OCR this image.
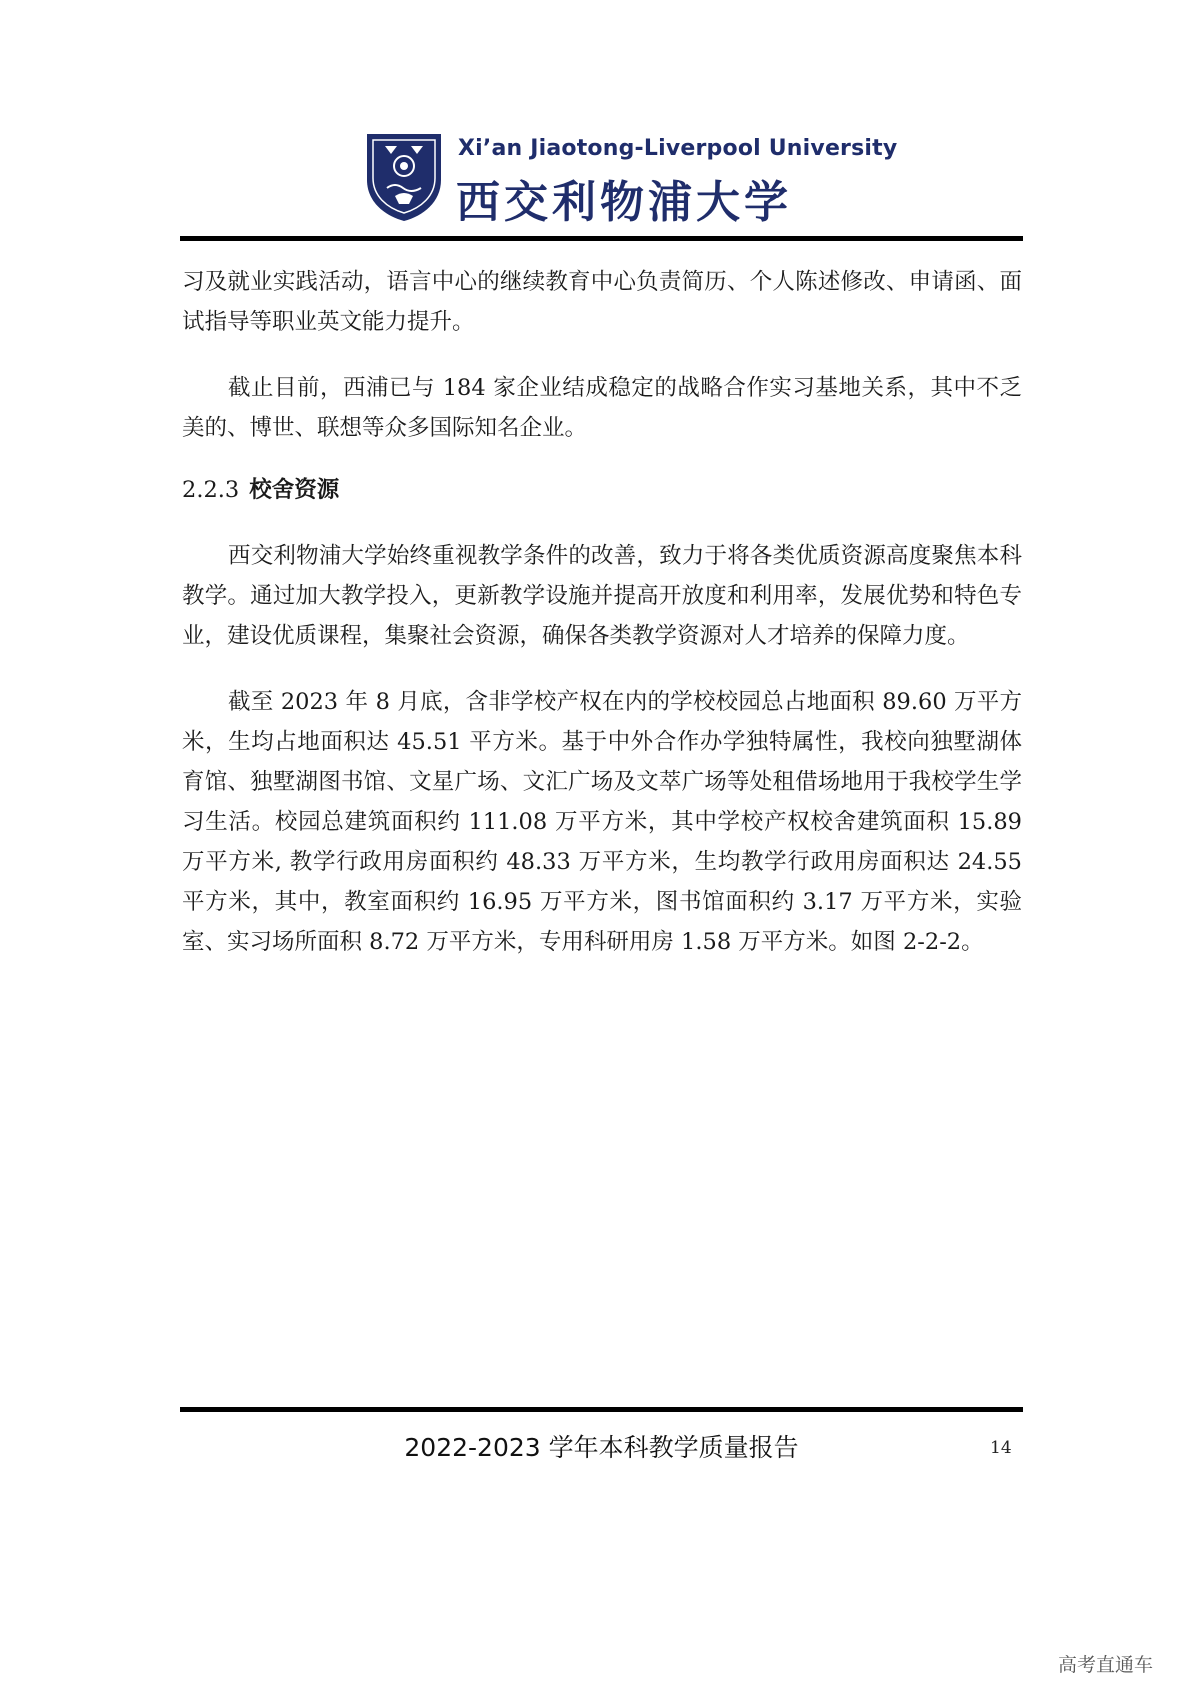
Xi’an Jiaotong-Liverpool University
西交利物浦大学

习及就业实践活动，语言中心的继续教育中心负责简历、个人陈述修改、申请函、面试指导等职业英文能力提升。

截止目前，西浦已与 184 家企业结成稳定的战略合作实习基地关系，其中不乏美的、博世、联想等众多国际知名企业。

2.2.3 校舍资源

西交利物浦大学始终重视教学条件的改善，致力于将各类优质资源高度聚焦本科教学。通过加大教学投入，更新教学设施并提高开放度和利用率，发展优势和特色专业，建设优质课程，集聚社会资源，确保各类教学资源对人才培养的保障力度。

截至 2023 年 8 月底，含非学校产权在内的学校校园总占地面积 89.60 万平方米，生均占地面积达 45.51 平方米。基于中外合作办学独特属性，我校向独墅湖体育馆、独墅湖图书馆、文星广场、文汇广场及文萃广场等处租借场地用于我校学生学习生活。校园总建筑面积约 111.08 万平方米，其中学校产权校舍建筑面积 15.89 万平方米, 教学行政用房面积约 48.33 万平方米，生均教学行政用房面积达 24.55 平方米，其中，教室面积约 16.95 万平方米，图书馆面积约 3.17 万平方米，实验室、实习场所面积 8.72 万平方米，专用科研用房 1.58 万平方米。如图 2-2-2。

2022-2023 学年本科教学质量报告	14
高考直通车
